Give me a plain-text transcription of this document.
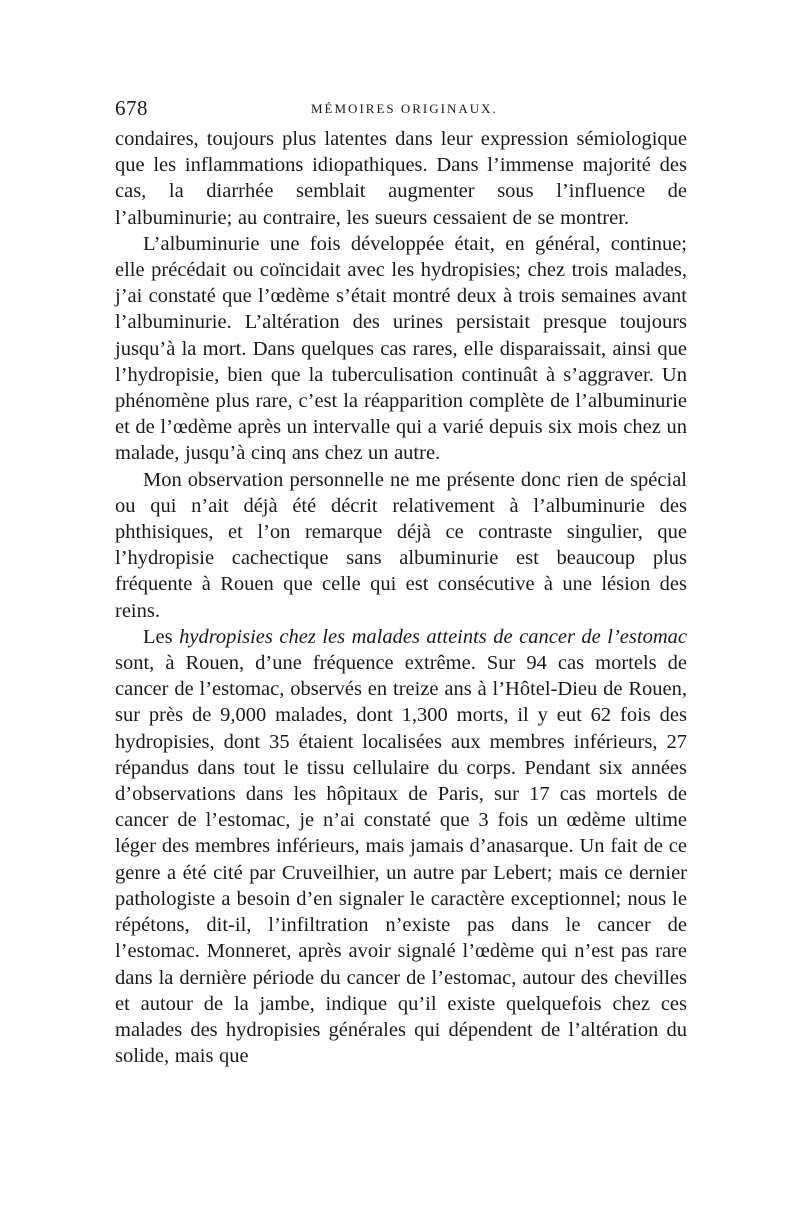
678	MÉMOIRES ORIGINAUX.

condaires, toujours plus latentes dans leur expression sémiologique que les inflammations idiopathiques. Dans l’immense majorité des cas, la diarrhée semblait augmenter sous l’influence de l’albuminurie; au contraire, les sueurs cessaient de se montrer.

L’albuminurie une fois développée était, en général, continue; elle précédait ou coïncidait avec les hydropisies; chez trois malades, j’ai constaté que l’œdème s’était montré deux à trois semaines avant l’albuminurie. L’altération des urines persistait presque toujours jusqu’à la mort. Dans quelques cas rares, elle disparaissait, ainsi que l’hydropisie, bien que la tuberculisation continuât à s’aggraver. Un phénomène plus rare, c’est la réapparition complète de l’albuminurie et de l’œdème après un intervalle qui a varié depuis six mois chez un malade, jusqu’à cinq ans chez un autre.

Mon observation personnelle ne me présente donc rien de spécial ou qui n’ait déjà été décrit relativement à l’albuminurie des phthisiques, et l’on remarque déjà ce contraste singulier, que l’hydropisie cachectique sans albuminurie est beaucoup plus fréquente à Rouen que celle qui est consécutive à une lésion des reins.

Les hydropisies chez les malades atteints de cancer de l’estomac sont, à Rouen, d’une fréquence extrême. Sur 94 cas mortels de cancer de l’estomac, observés en treize ans à l’Hôtel-Dieu de Rouen, sur près de 9,000 malades, dont 1,300 morts, il y eut 62 fois des hydropisies, dont 35 étaient localisées aux membres inférieurs, 27 répandus dans tout le tissu cellulaire du corps. Pendant six années d’observations dans les hôpitaux de Paris, sur 17 cas mortels de cancer de l’estomac, je n’ai constaté que 3 fois un œdème ultime léger des membres inférieurs, mais jamais d’anasarque. Un fait de ce genre a été cité par Cruveilhier, un autre par Lebert; mais ce dernier pathologiste a besoin d’en signaler le caractère exceptionnel; nous le répétons, dit-il, l’infiltration n’existe pas dans le cancer de l’estomac. Monneret, après avoir signalé l’œdème qui n’est pas rare dans la dernière période du cancer de l’estomac, autour des chevilles et autour de la jambe, indique qu’il existe quelquefois chez ces malades des hydropisies générales qui dépendent de l’altération du solide, mais que
